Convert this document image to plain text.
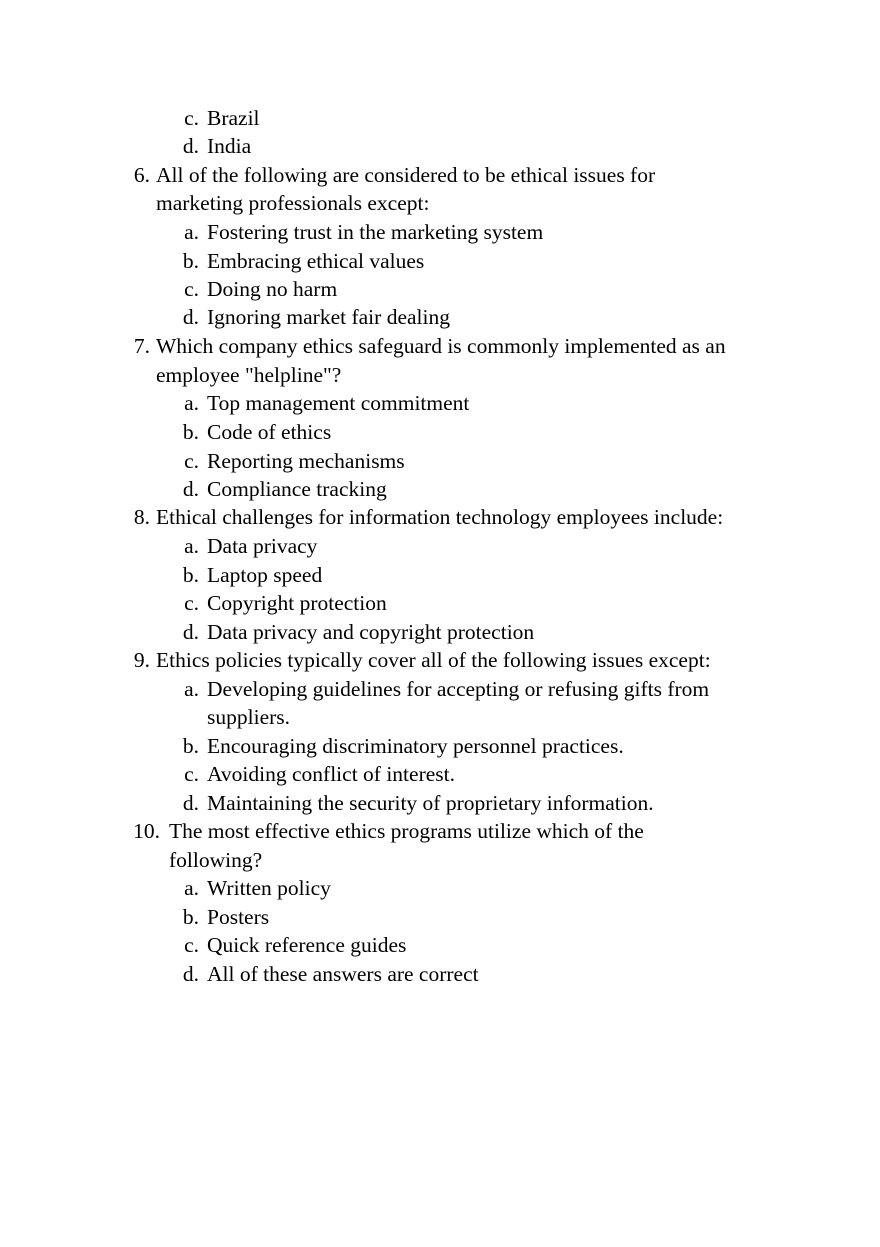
c. Brazil
d. India
6. All of the following are considered to be ethical issues for
marketing professionals except:
a. Fostering trust in the marketing system
b. Embracing ethical values
c. Doing no harm
d. Ignoring market fair dealing
7. Which company ethics safeguard is commonly implemented as an
employee "helpline"?
a. Top management commitment
b. Code of ethics
c. Reporting mechanisms
d. Compliance tracking
8. Ethical challenges for information technology employees include:
a. Data privacy
b. Laptop speed
c. Copyright protection
d. Data privacy and copyright protection
9. Ethics policies typically cover all of the following issues except:
a. Developing guidelines for accepting or refusing gifts from
suppliers.
b. Encouraging discriminatory personnel practices.
c. Avoiding conflict of interest.
d. Maintaining the security of proprietary information.
10. The most effective ethics programs utilize which of the
following?
a. Written policy
b. Posters
c. Quick reference guides
d. All of these answers are correct
